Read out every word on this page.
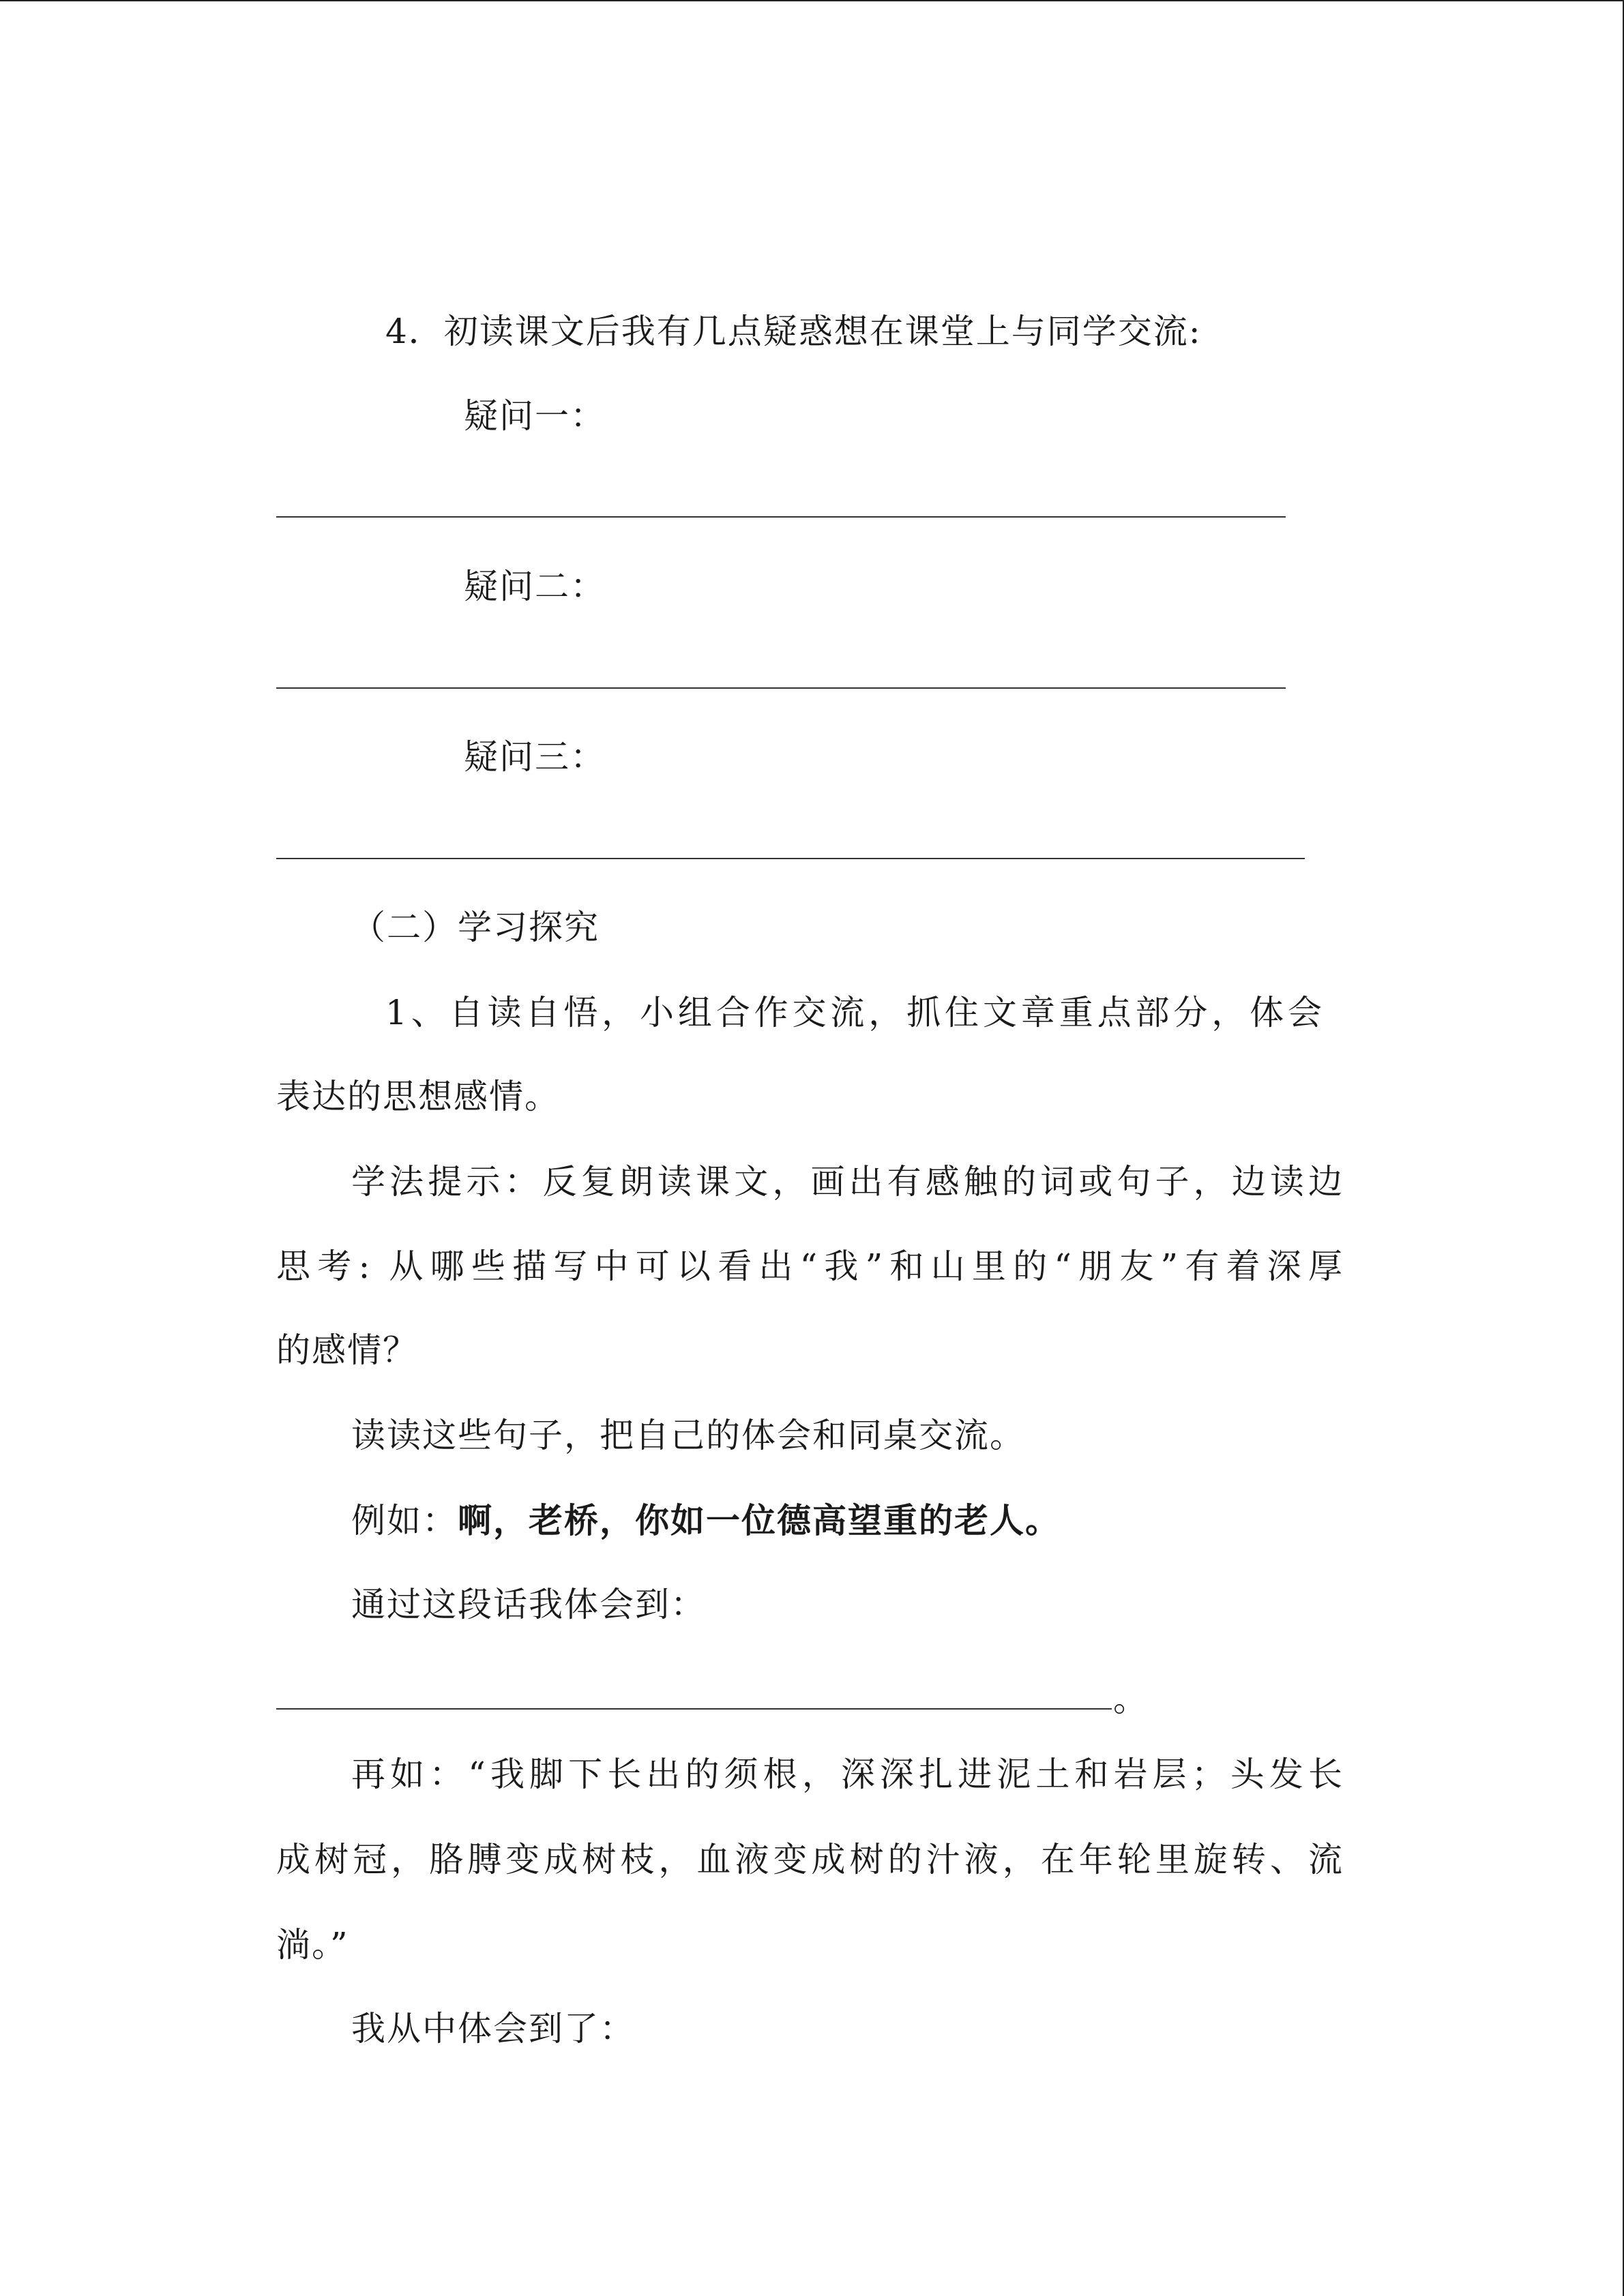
4．初读课文后我有几点疑惑想在课堂上与同学交流:
疑问一：
疑问二：
疑问三：
（二）学习探究
1、自读自悟，小组合作交流，抓住文章重点部分，体会
表达的思想感情。
学法提示：反复朗读课文，画出有感触的词或句子，边读边
思考: 从哪些描写中可以看出“我”和山里的“朋友”有着深厚
的感情？
读读这些句子，把自己的体会和同桌交流。
例如：啊，老桥，你如一位德高望重的老人。
通过这段话我体会到：
。
再如：“我脚下长出的须根，深深扎进泥土和岩层；头发长
成树冠，胳膊变成树枝，血液变成树的汁液，在年轮里旋转、流
淌。”
我从中体会到了：
